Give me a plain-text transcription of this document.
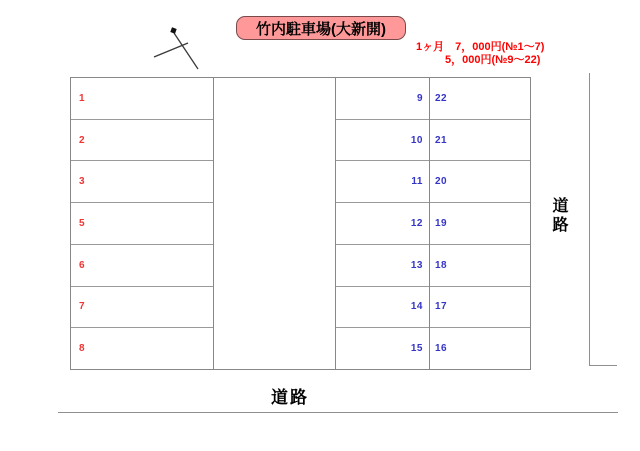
竹内駐車場(大新開)
1ヶ月　7，000円(№1～7)
5，000円(№9～22)
1
2
3
5
6
7
8
9
10
11
12
13
14
15
22
21
20
19
18
17
16
道路
道路
